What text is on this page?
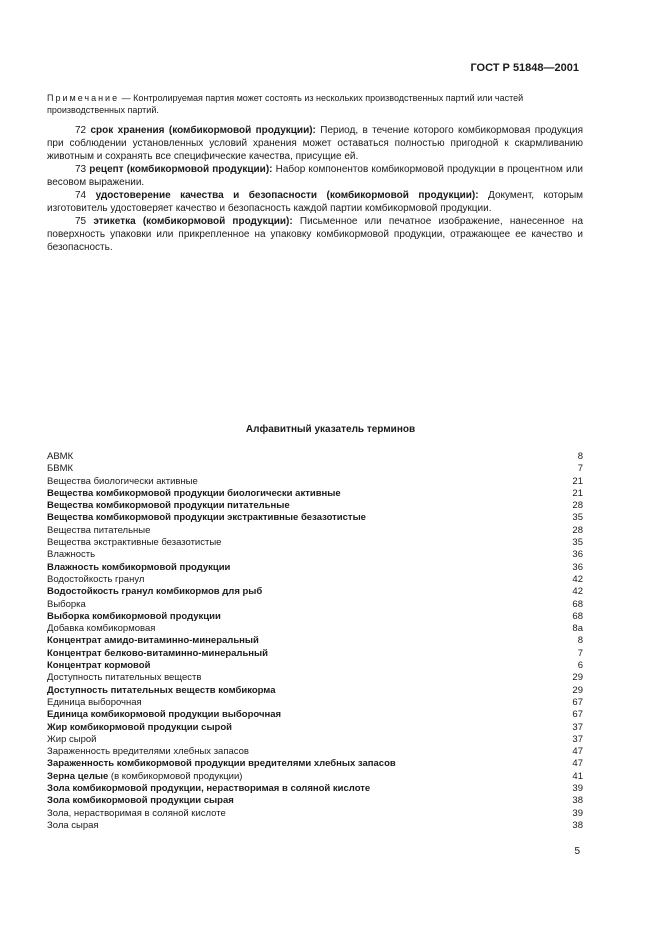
ГОСТ Р 51848—2001
Примечание — Контролируемая партия может состоять из нескольких производственных партий или частей производственных партий.

72 срок хранения (комбикормовой продукции): Период, в течение которого комбикормовая продукция при соблюдении установленных условий хранения может оставаться полностью пригодной к скармливанию животным и сохранять все специфические качества, присущие ей.

73 рецепт (комбикормовой продукции): Набор компонентов комбикормовой продукции в процентном или весовом выражении.

74 удостоверение качества и безопасности (комбикормовой продукции): Документ, которым изготовитель удостоверяет качество и безопасность каждой партии комбикормовой продукции.

75 этикетка (комбикормовой продукции): Письменное или печатное изображение, нанесенное на поверхность упаковки или прикрепленное на упаковку комбикормовой продукции, отражающее ее качество и безопасность.

Алфавитный указатель терминов
АВМК	8
БВМК	7
Вещества биологически активные	21
Вещества комбикормовой продукции биологически активные	21
Вещества комбикормовой продукции питательные	28
Вещества комбикормовой продукции экстрактивные безазотистые	35
Вещества питательные	28
Вещества экстрактивные безазотистые	35
Влажность	36
Влажность комбикормовой продукции	36
Водостойкость гранул	42
Водостойкость гранул комбикормов для рыб	42
Выборка	68
Выборка комбикормовой продукции	68
Добавка комбикормовая	8а
Концентрат амидо-витаминно-минеральный	8
Концентрат белково-витаминно-минеральный	7
Концентрат кормовой	6
Доступность питательных веществ	29
Доступность питательных веществ комбикорма	29
Единица выборочная	67
Единица комбикормовой продукции выборочная	67
Жир комбикормовой продукции сырой	37
Жир сырой	37
Зараженность вредителями хлебных запасов	47
Зараженность комбикормовой продукции вредителями хлебных запасов	47
Зерна целые (в комбикормовой продукции)	41
Зола комбикормовой продукции, нерастворимая в соляной кислоте	39
Зола комбикормовой продукции сырая	38
Зола, нерастворимая в соляной кислоте	39
Зола сырая	38
5
